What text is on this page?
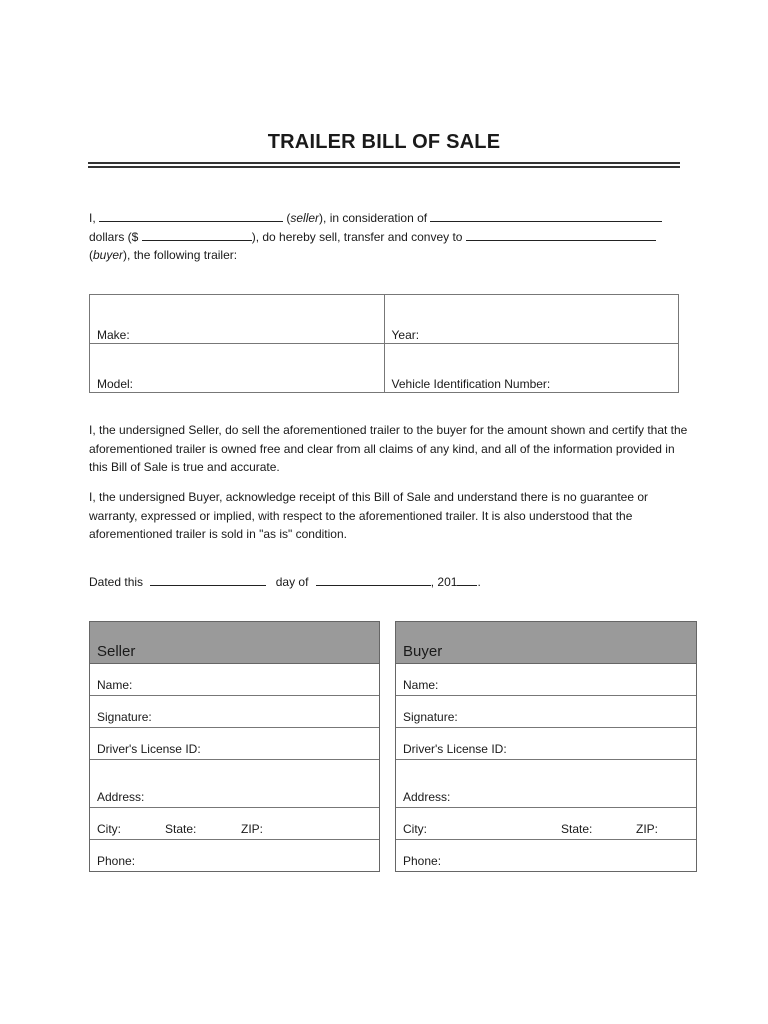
TRAILER BILL OF SALE
I,	(seller), in consideration of
dollars ($	), do hereby sell, transfer and convey to
(buyer), the following trailer:
Make:	Year:
Model:	Vehicle Identification Number:
I, the undersigned Seller, do sell the aforementioned trailer to the buyer for the amount shown and certify that the aforementioned trailer is owned free and clear from all claims of any kind, and all of the information provided in this Bill of Sale is true and accurate.
I, the undersigned Buyer, acknowledge receipt of this Bill of Sale and understand there is no guarantee or warranty, expressed or implied, with respect to the aforementioned trailer. It is also understood that the aforementioned trailer is sold in "as is" condition.
Dated this	day of	, 201 .
Seller
Name:
Signature:
Driver's License ID:
Address:
City:	State:	ZIP:
Phone:
Buyer
Name:
Signature:
Driver's License ID:
Address:
City:	State:	ZIP:
Phone:
